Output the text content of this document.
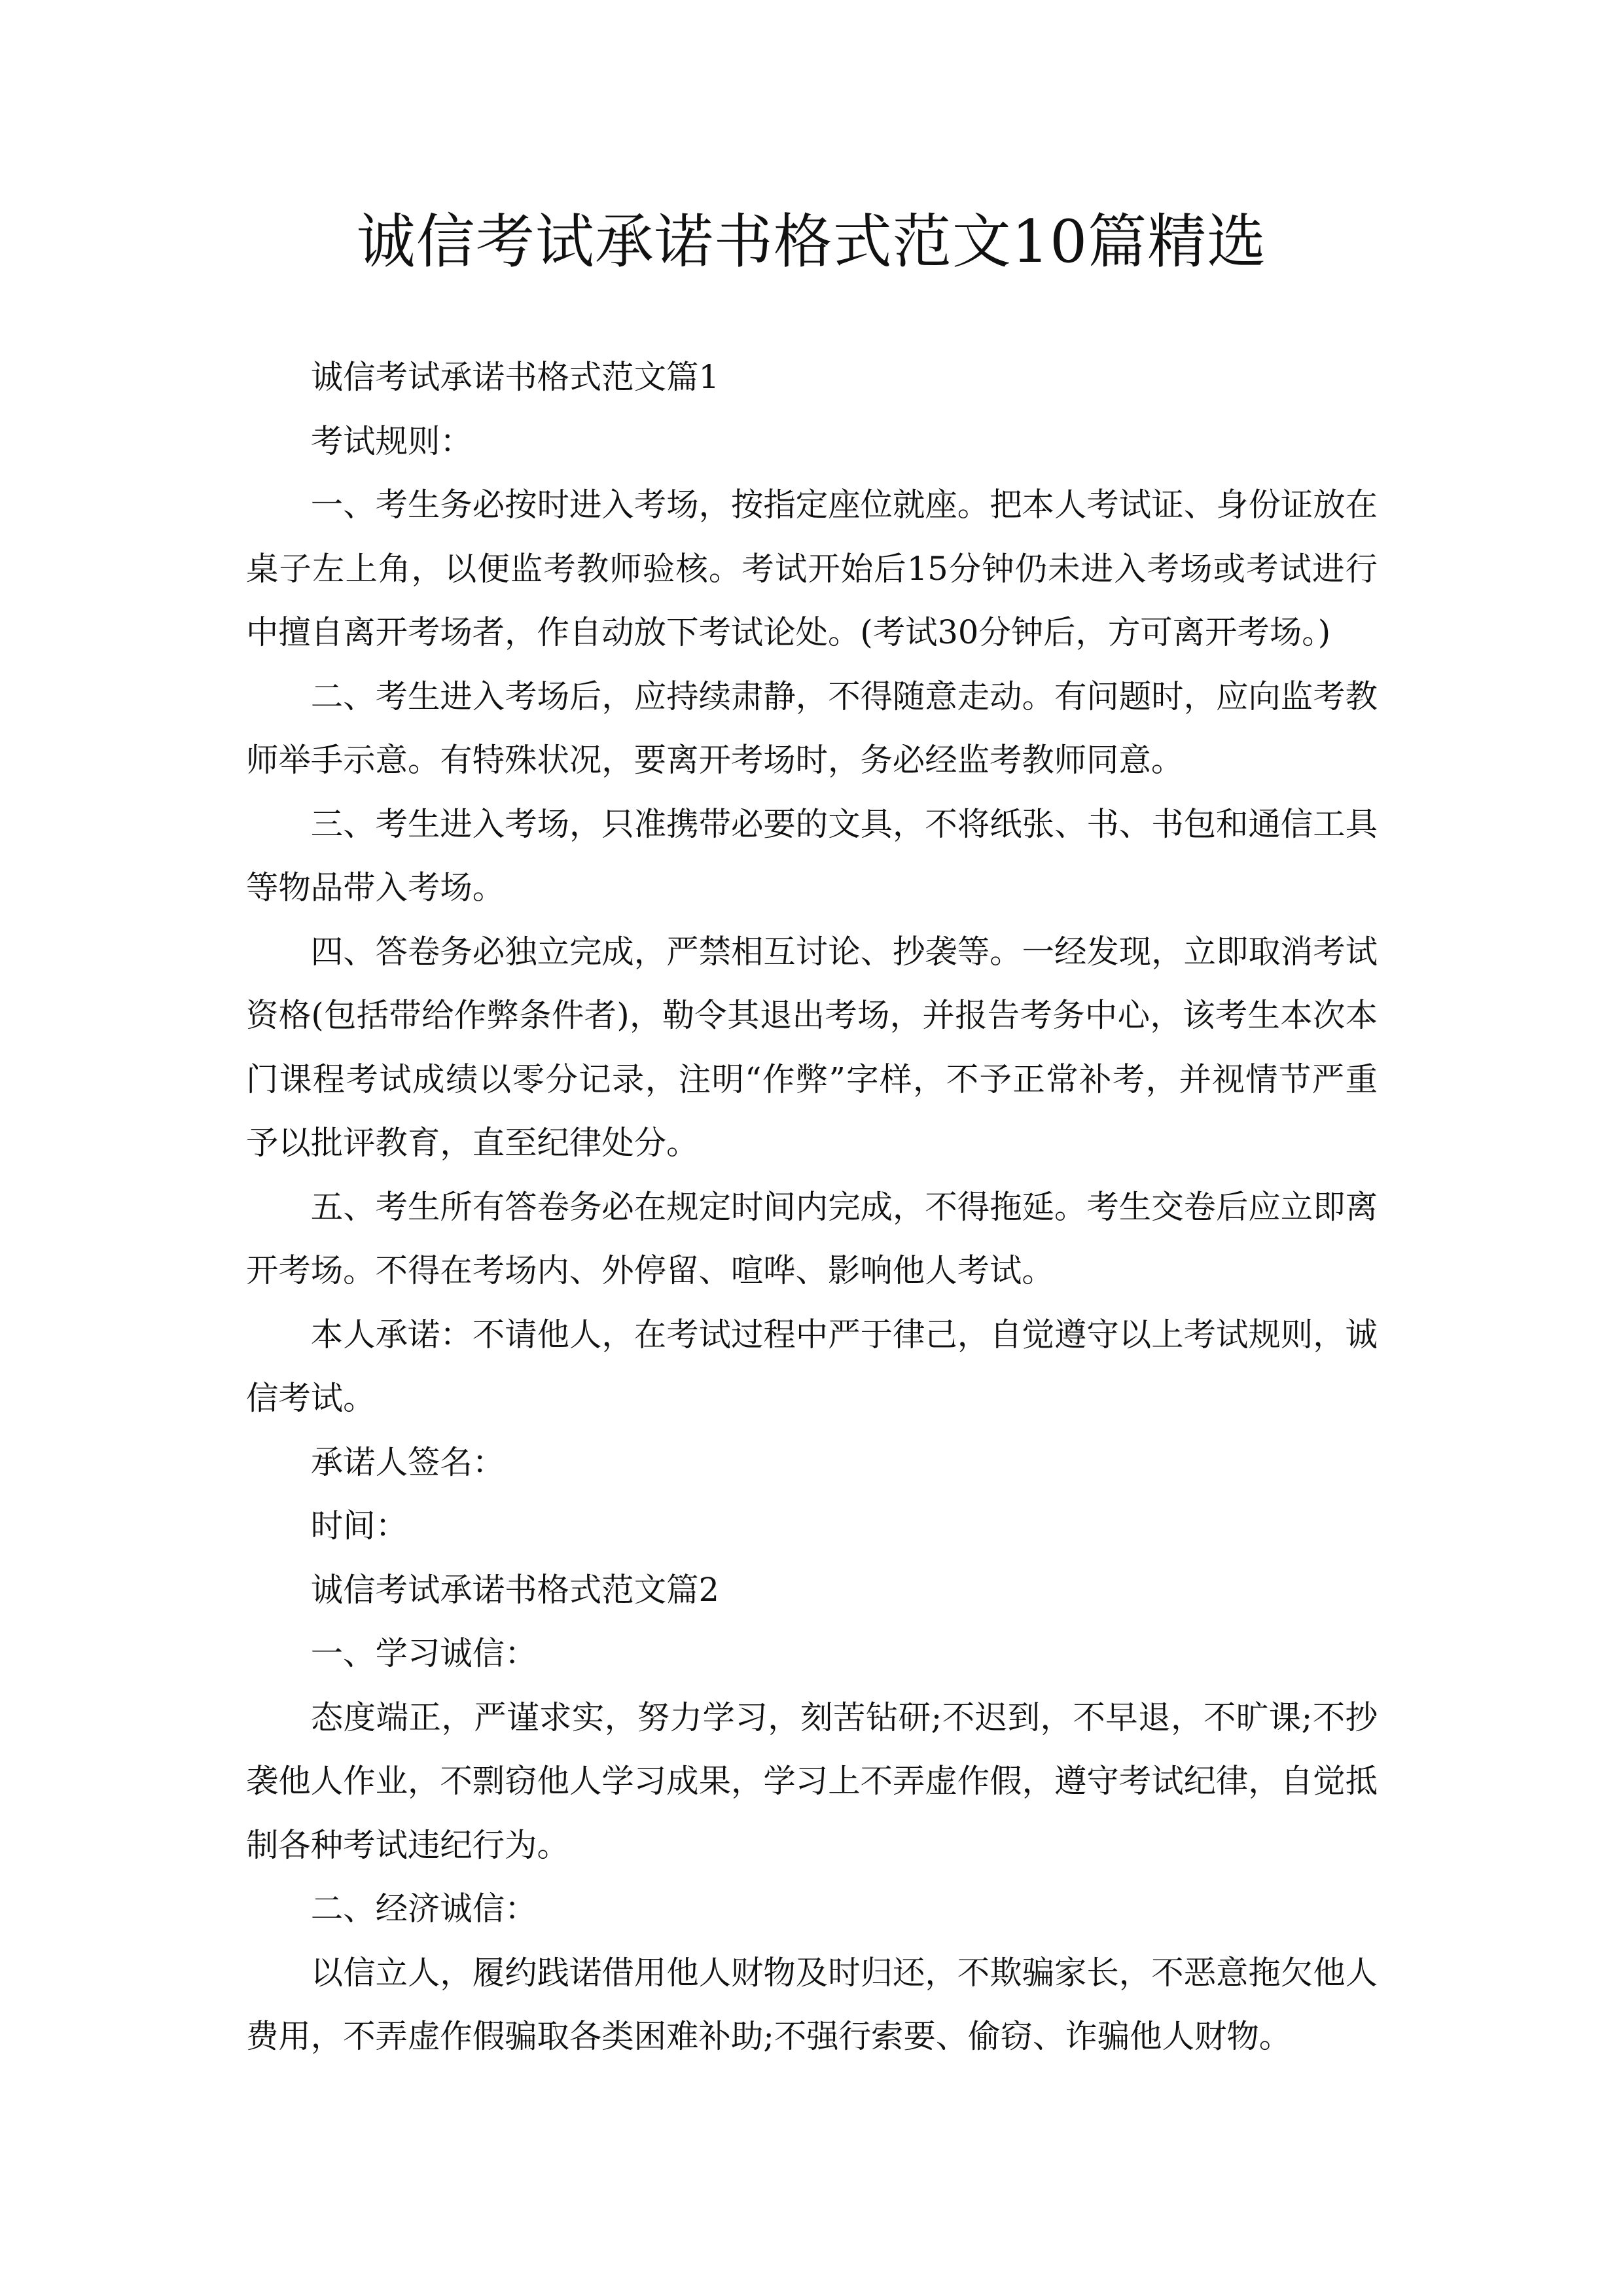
诚信考试承诺书格式范文10篇精选

诚信考试承诺书格式范文篇1

考试规则：

一、考生务必按时进入考场，按指定座位就座。把本人考试证、身份证放在桌子左上角，以便监考教师验核。考试开始后15分钟仍未进入考场或考试进行中擅自离开考场者，作自动放下考试论处。(考试30分钟后，方可离开考场。)

二、考生进入考场后，应持续肃静，不得随意走动。有问题时，应向监考教师举手示意。有特殊状况，要离开考场时，务必经监考教师同意。

三、考生进入考场，只准携带必要的文具，不将纸张、书、书包和通信工具等物品带入考场。

四、答卷务必独立完成，严禁相互讨论、抄袭等。一经发现，立即取消考试资格(包括带给作弊条件者)，勒令其退出考场，并报告考务中心，该考生本次本门课程考试成绩以零分记录，注明“作弊”字样，不予正常补考，并视情节严重予以批评教育，直至纪律处分。

五、考生所有答卷务必在规定时间内完成，不得拖延。考生交卷后应立即离开考场。不得在考场内、外停留、喧哗、影响他人考试。

本人承诺：不请他人，在考试过程中严于律己，自觉遵守以上考试规则，诚信考试。

承诺人签名：

时间：

诚信考试承诺书格式范文篇2

一、学习诚信：

态度端正，严谨求实，努力学习，刻苦钻研;不迟到，不早退，不旷课;不抄袭他人作业，不剽窃他人学习成果，学习上不弄虚作假，遵守考试纪律，自觉抵制各种考试违纪行为。

二、经济诚信：

以信立人，履约践诺借用他人财物及时归还，不欺骗家长，不恶意拖欠他人费用，不弄虚作假骗取各类困难补助;不强行索要、偷窃、诈骗他人财物。
